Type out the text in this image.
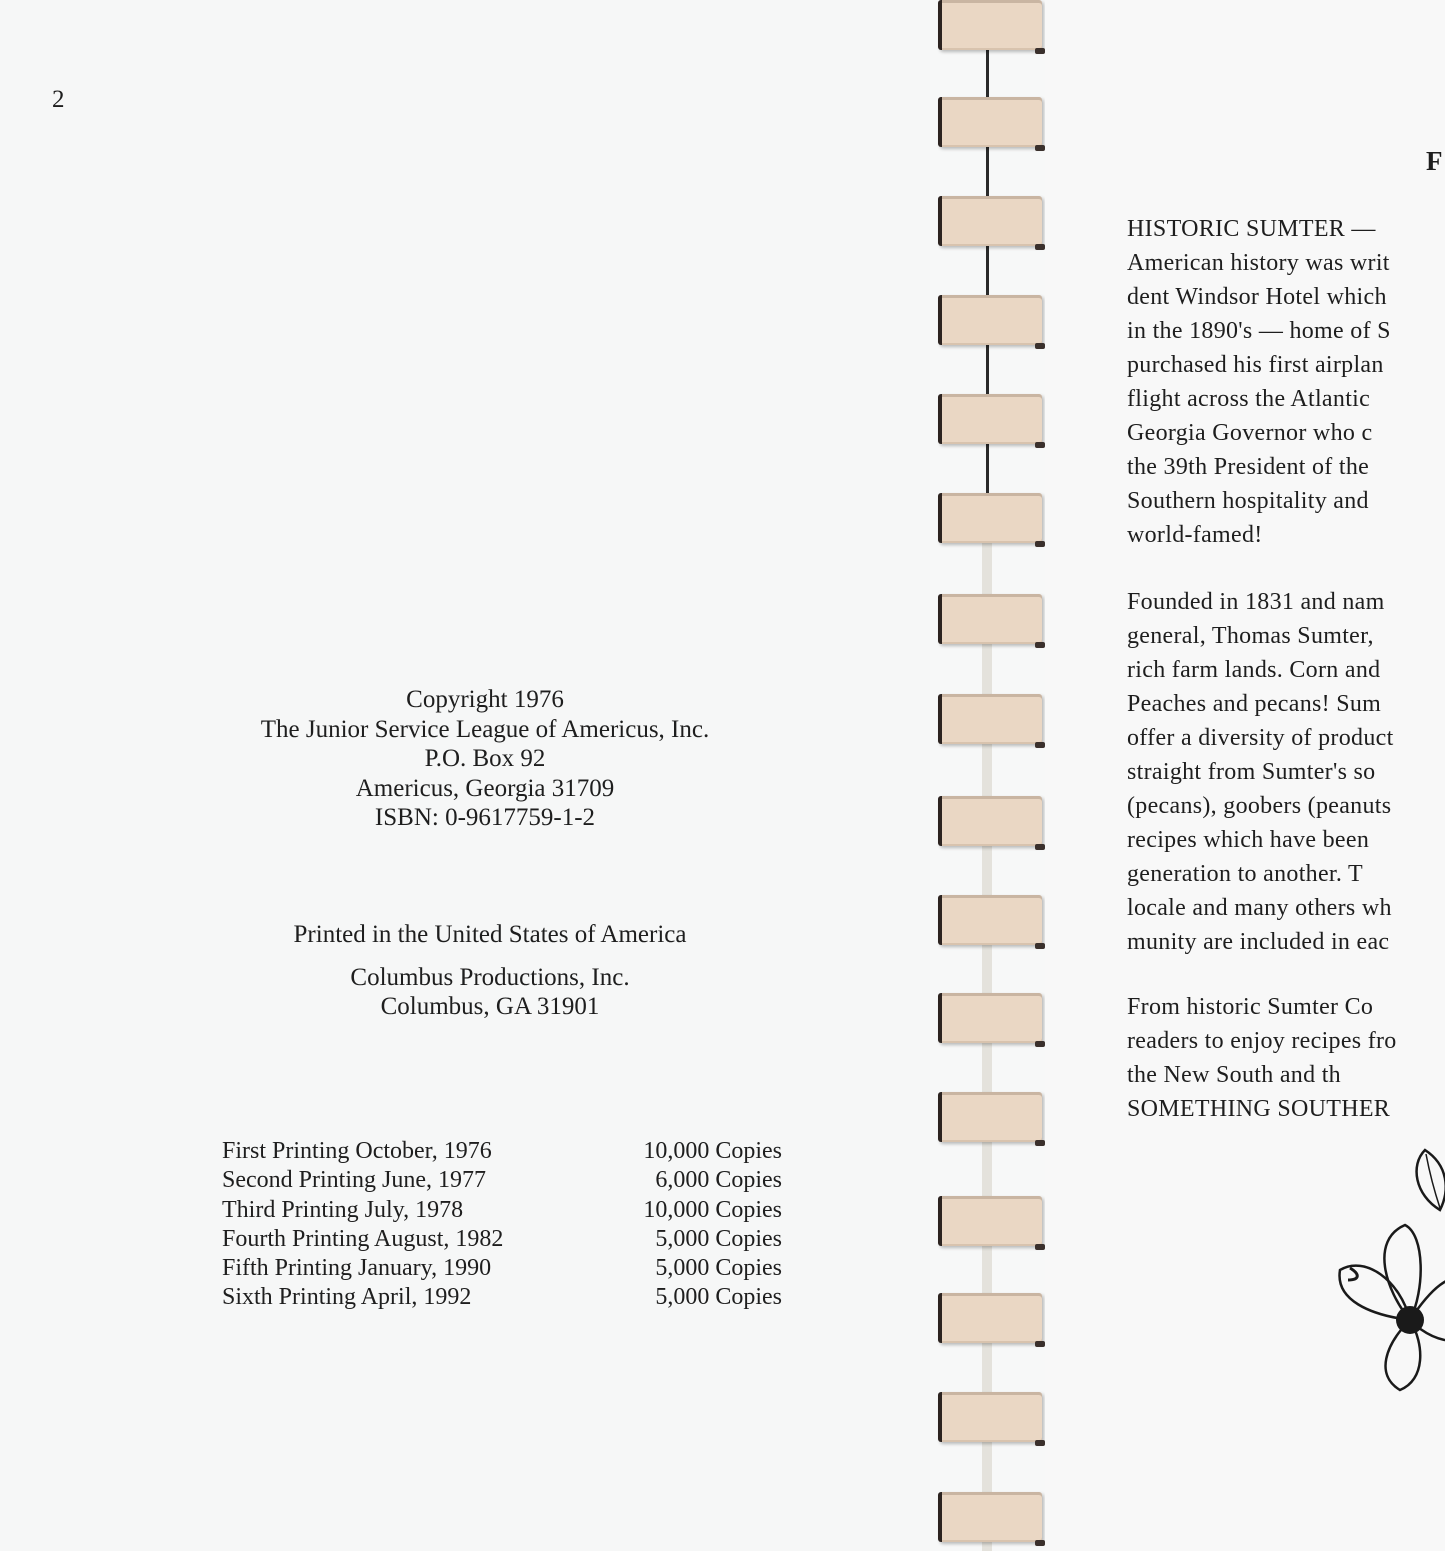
2
Copyright 1976
The Junior Service League of Americus, Inc.
P.O. Box 92
Americus, Georgia 31709
ISBN: 0-9617759-1-2
Printed in the United States of America
Columbus Productions, Inc.
Columbus, GA 31901
First Printing October, 1976	10,000 Copies
Second Printing June, 1977	6,000 Copies
Third Printing July, 1978	10,000 Copies
Fourth Printing August, 1982	5,000 Copies
Fifth Printing January, 1990	5,000 Copies
Sixth Printing April, 1992	5,000 Copies
F
HISTORIC SUMTER —
American history was writ
dent Windsor Hotel which
in the 1890's — home of S
purchased his first airplan
flight across the Atlantic
Georgia Governor who c
the 39th President of the
Southern hospitality and
world-famed!
Founded in 1831 and nam
general, Thomas Sumter,
rich farm lands. Corn and
Peaches and pecans! Sum
offer a diversity of product
straight from Sumter's so
(pecans), goobers (peanuts
recipes which have been
generation to another. T
locale and many others wh
munity are included in eac
From historic Sumter Co
readers to enjoy recipes fro
the New South and th
SOMETHING SOUTHER
